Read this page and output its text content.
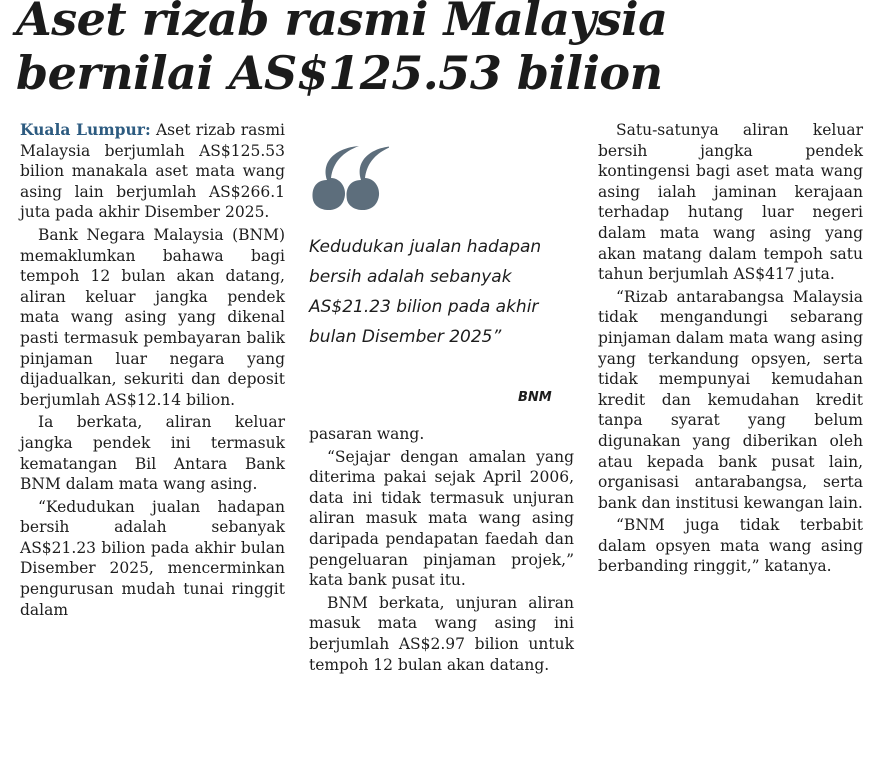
Aset rizab rasmi Malaysia
bernilai AS$125.53 bilion

Kuala Lumpur: Aset rizab rasmi Malaysia berjumlah AS$125.53 bilion manakala aset mata wang asing lain berjumlah AS$266.1 juta pada akhir Disember 2025.

Bank Negara Malaysia (BNM) memaklumkan bahawa bagi tempoh 12 bulan akan datang, aliran keluar jangka pendek mata wang asing yang dikenal pasti termasuk pembayaran balik pinjaman luar negara yang dijadualkan, sekuriti dan deposit berjumlah AS$12.14 bilion.

Ia berkata, aliran keluar jangka pendek ini termasuk kematangan Bil Antara Bank BNM dalam mata wang asing.

“Kedudukan jualan hadapan bersih adalah sebanyak AS$21.23 bilion pada akhir bulan Disember 2025, mencerminkan pengurusan mudah tunai ringgit dalam

Kedudukan jualan hadapan bersih adalah sebanyak AS$21.23 bilion pada akhir bulan Disember 2025”

BNM

pasaran wang.

“Sejajar dengan amalan yang diterima pakai sejak April 2006, data ini tidak termasuk unjuran aliran masuk mata wang asing daripada pendapatan faedah dan pengeluaran pinjaman projek,” kata bank pusat itu.

BNM berkata, unjuran aliran masuk mata wang asing ini berjumlah AS$2.97 bilion untuk tempoh 12 bulan akan datang.

Satu-satunya aliran keluar bersih jangka pendek kontingensi bagi aset mata wang asing ialah jaminan kerajaan terhadap hutang luar negeri dalam mata wang asing yang akan matang dalam tempoh satu tahun berjumlah AS$417 juta.

“Rizab antarabangsa Malaysia tidak mengandungi sebarang pinjaman dalam mata wang asing yang terkandung opsyen, serta tidak mempunyai kemudahan kredit dan kemudahan kredit tanpa syarat yang belum digunakan yang diberikan oleh atau kepada bank pusat lain, organisasi antarabangsa, serta bank dan institusi kewangan lain.

“BNM juga tidak terbabit dalam opsyen mata wang asing berbanding ringgit,” katanya.
